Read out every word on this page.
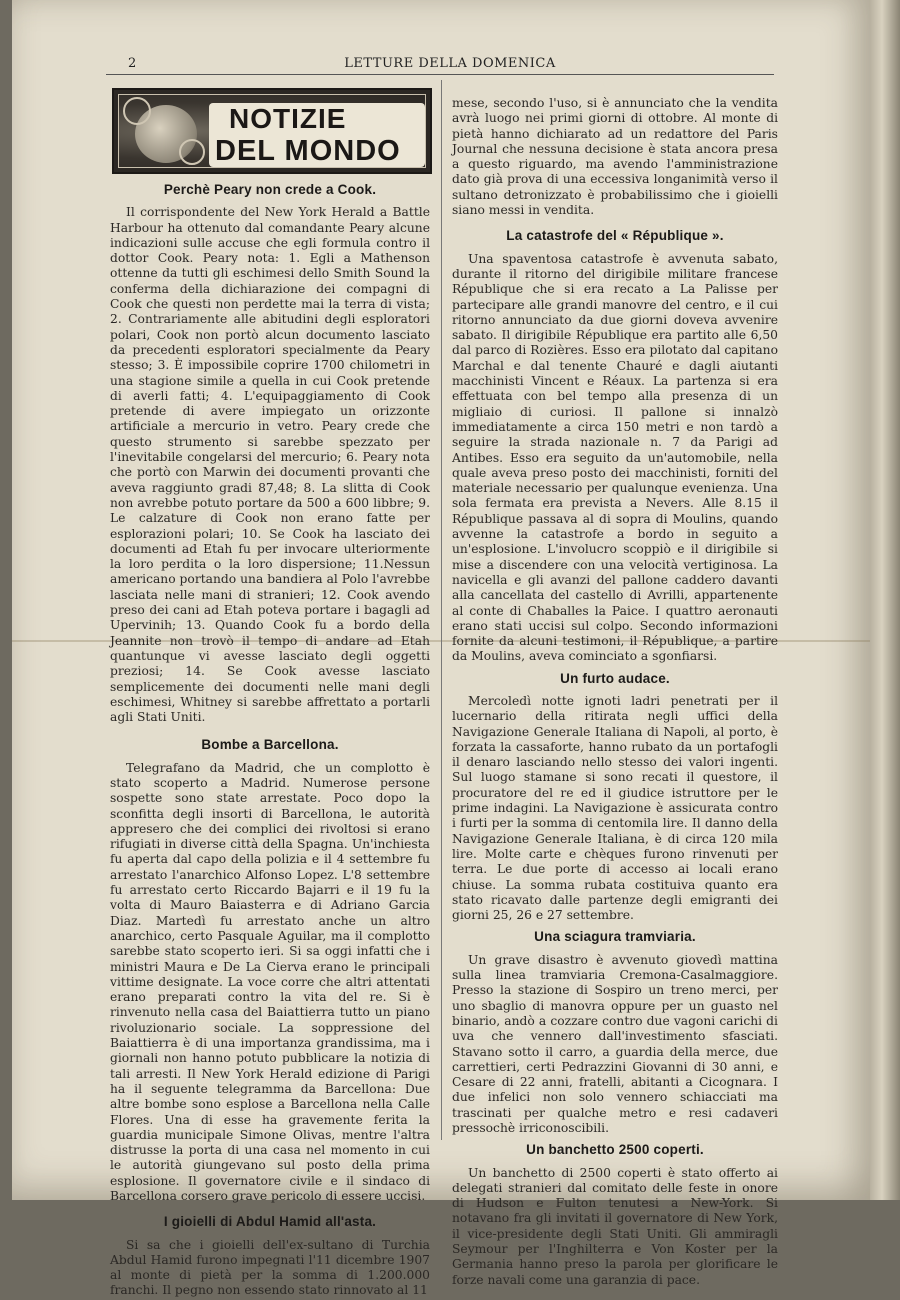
2	LETTURE DELLA DOMENICA
NOTIZIE
DEL MONDO
Perchè Peary non crede a Cook.

Il corrispondente del New York Herald a Battle Harbour ha ottenuto dal comandante Peary alcune indicazioni sulle accuse che egli formula contro il dottor Cook. Peary nota: 1. Egli a Mathenson ottenne da tutti gli eschimesi dello Smith Sound la conferma della dichiarazione dei compagni di Cook che questi non perdette mai la terra di vista; 2. Contrariamente alle abitudini degli esploratori polari, Cook non portò alcun documento lasciato da precedenti esploratori specialmente da Peary stesso; 3. È impossibile coprire 1700 chilometri in una stagione simile a quella in cui Cook pretende di averli fatti; 4. L'equipaggiamento di Cook pretende di avere impiegato un orizzonte artificiale a mercurio in vetro. Peary crede che questo strumento si sarebbe spezzato per l'inevitabile congelarsi del mercurio; 6. Peary nota che portò con Marwin dei documenti provanti che aveva raggiunto gradi 87,48; 8. La slitta di Cook non avrebbe potuto portare da 500 a 600 libbre; 9. Le calzature di Cook non erano fatte per esplorazioni polari; 10. Se Cook ha lasciato dei documenti ad Etah fu per invocare ulteriormente la loro perdita o la loro dispersione; 11.Nessun americano portando una bandiera al Polo l'avrebbe lasciata nelle mani di stranieri; 12. Cook avendo preso dei cani ad Etah poteva portare i bagagli ad Upervinih; 13. Quando Cook fu a bordo della Jeannite non trovò il tempo di andare ad Etah quantunque vi avesse lasciato degli oggetti preziosi; 14. Se Cook avesse lasciato semplicemente dei documenti nelle mani degli eschimesi, Whitney si sarebbe affrettato a portarli agli Stati Uniti.

Bombe a Barcellona.

Telegrafano da Madrid, che un complotto è stato scoperto a Madrid. Numerose persone sospette sono state arrestate. Poco dopo la sconfitta degli insorti di Barcellona, le autorità appresero che dei complici dei rivoltosi si erano rifugiati in diverse città della Spagna. Un'inchiesta fu aperta dal capo della polizia e il 4 settembre fu arrestato l'anarchico Alfonso Lopez. L'8 settembre fu arrestato certo Riccardo Bajarri e il 19 fu la volta di Mauro Baiasterra e di Adriano Garcia Diaz. Martedì fu arrestato anche un altro anarchico, certo Pasquale Aguilar, ma il complotto sarebbe stato scoperto ieri. Si sa oggi infatti che i ministri Maura e De La Cierva erano le principali vittime designate. La voce corre che altri attentati erano preparati contro la vita del re. Si è rinvenuto nella casa del Baiattierra tutto un piano rivoluzionario sociale. La soppressione del Baiattierra è di una importanza grandissima, ma i giornali non hanno potuto pubblicare la notizia di tali arresti. Il New York Herald edizione di Parigi ha il seguente telegramma da Barcellona: Due altre bombe sono esplose a Barcellona nella Calle Flores. Una di esse ha gravemente ferita la guardia municipale Simone Olivas, mentre l'altra distrusse la porta di una casa nel momento in cui le autorità giungevano sul posto della prima esplosione. Il governatore civile e il sindaco di Barcellona corsero grave pericolo di essere uccisi.

I gioielli di Abdul Hamid all'asta.

Si sa che i gioielli dell'ex-sultano di Turchia Abdul Hamid furono impegnati l'11 dicembre 1907 al monte di pietà per la somma di 1.200.000 franchi. Il pegno non essendo stato rinnovato al 11

mese, secondo l'uso, si è annunciato che la vendita avrà luogo nei primi giorni di ottobre. Al monte di pietà hanno dichiarato ad un redattore del Paris Journal che nessuna decisione è stata ancora presa a questo riguardo, ma avendo l'amministrazione dato già prova di una eccessiva longanimità verso il sultano detronizzato è probabilissimo che i gioielli siano messi in vendita.

La catastrofe del « République ».

Una spaventosa catastrofe è avvenuta sabato, durante il ritorno del dirigibile militare francese République che si era recato a La Palisse per partecipare alle grandi manovre del centro, e il cui ritorno annunciato da due giorni doveva avvenire sabato. Il dirigibile République era partito alle 6,50 dal parco di Rozières. Esso era pilotato dal capitano Marchal e dal tenente Chauré e dagli aiutanti macchinisti Vincent e Réaux. La partenza si era effettuata con bel tempo alla presenza di un migliaio di curiosi. Il pallone si innalzò immediatamente a circa 150 metri e non tardò a seguire la strada nazionale n. 7 da Parigi ad Antibes. Esso era seguito da un'automobile, nella quale aveva preso posto dei macchinisti, forniti del materiale necessario per qualunque evenienza. Una sola fermata era prevista a Nevers. Alle 8.15 il République passava al di sopra di Moulins, quando avvenne la catastrofe a bordo in seguito a un'esplosione. L'involucro scoppiò e il dirigibile si mise a discendere con una velocità vertiginosa. La navicella e gli avanzi del pallone caddero davanti alla cancellata del castello di Avrilli, appartenente al conte di Chaballes la Paice. I quattro aeronauti erano stati uccisi sul colpo. Secondo informazioni fornite da alcuni testimoni, il République, a partire da Moulins, aveva cominciato a sgonfiarsi.

Un furto audace.

Mercoledì notte ignoti ladri penetrati per il lucernario della ritirata negli uffici della Navigazione Generale Italiana di Napoli, al porto, è forzata la cassaforte, hanno rubato da un portafogli il denaro lasciando nello stesso dei valori ingenti. Sul luogo stamane si sono recati il questore, il procuratore del re ed il giudice istruttore per le prime indagini. La Navigazione è assicurata contro i furti per la somma di centomila lire. Il danno della Navigazione Generale Italiana, è di circa 120 mila lire. Molte carte e chèques furono rinvenuti per terra. Le due porte di accesso ai locali erano chiuse. La somma rubata costituiva quanto era stato ricavato dalle partenze degli emigranti dei giorni 25, 26 e 27 settembre.

Una sciagura tramviaria.

Un grave disastro è avvenuto giovedì mattina sulla linea tramviaria Cremona-Casalmaggiore. Presso la stazione di Sospiro un treno merci, per uno sbaglio di manovra oppure per un guasto nel binario, andò a cozzare contro due vagoni carichi di uva che vennero dall'investimento sfasciati. Stavano sotto il carro, a guardia della merce, due carrettieri, certi Pedrazzini Giovanni di 30 anni, e Cesare di 22 anni, fratelli, abitanti a Cicognara. I due infelici non solo vennero schiacciati ma trascinati per qualche metro e resi cadaveri pressochè irriconoscibili.

Un banchetto 2500 coperti.

Un banchetto di 2500 coperti è stato offerto ai delegati stranieri dal comitato delle feste in onore di Hudson e Fulton tenutesi a New-York. Si notavano fra gli invitati il governatore di New York, il vice-presidente degli Stati Uniti. Gli ammiragli Seymour per l'Inghilterra e Von Koster per la Germania hanno preso la parola per glorificare le forze navali come una garanzia di pace.
